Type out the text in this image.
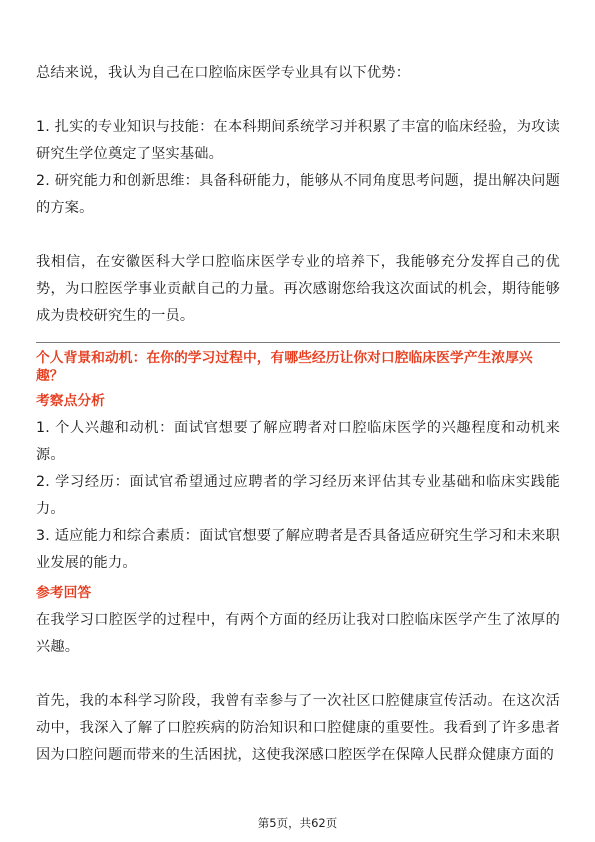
总结来说，我认为自己在口腔临床医学专业具有以下优势：

1. 扎实的专业知识与技能：在本科期间系统学习并积累了丰富的临床经验，为攻读研究生学位奠定了坚实基础。

2. 研究能力和创新思维：具备科研能力，能够从不同角度思考问题，提出解决问题的方案。

我相信，在安徽医科大学口腔临床医学专业的培养下，我能够充分发挥自己的优势，为口腔医学事业贡献自己的力量。再次感谢您给我这次面试的机会，期待能够成为贵校研究生的一员。

个人背景和动机：在你的学习过程中，有哪些经历让你对口腔临床医学产生浓厚兴趣？
考察点分析

1. 个人兴趣和动机：面试官想要了解应聘者对口腔临床医学的兴趣程度和动机来源。

2. 学习经历：面试官希望通过应聘者的学习经历来评估其专业基础和临床实践能力。

3. 适应能力和综合素质：面试官想要了解应聘者是否具备适应研究生学习和未来职业发展的能力。

参考回答

在我学习口腔医学的过程中，有两个方面的经历让我对口腔临床医学产生了浓厚的兴趣。

首先，我的本科学习阶段，我曾有幸参与了一次社区口腔健康宣传活动。在这次活动中，我深入了解了口腔疾病的防治知识和口腔健康的重要性。我看到了许多患者因为口腔问题而带来的生活困扰，这使我深感口腔医学在保障人民群众健康方面的

第5页，共62页
